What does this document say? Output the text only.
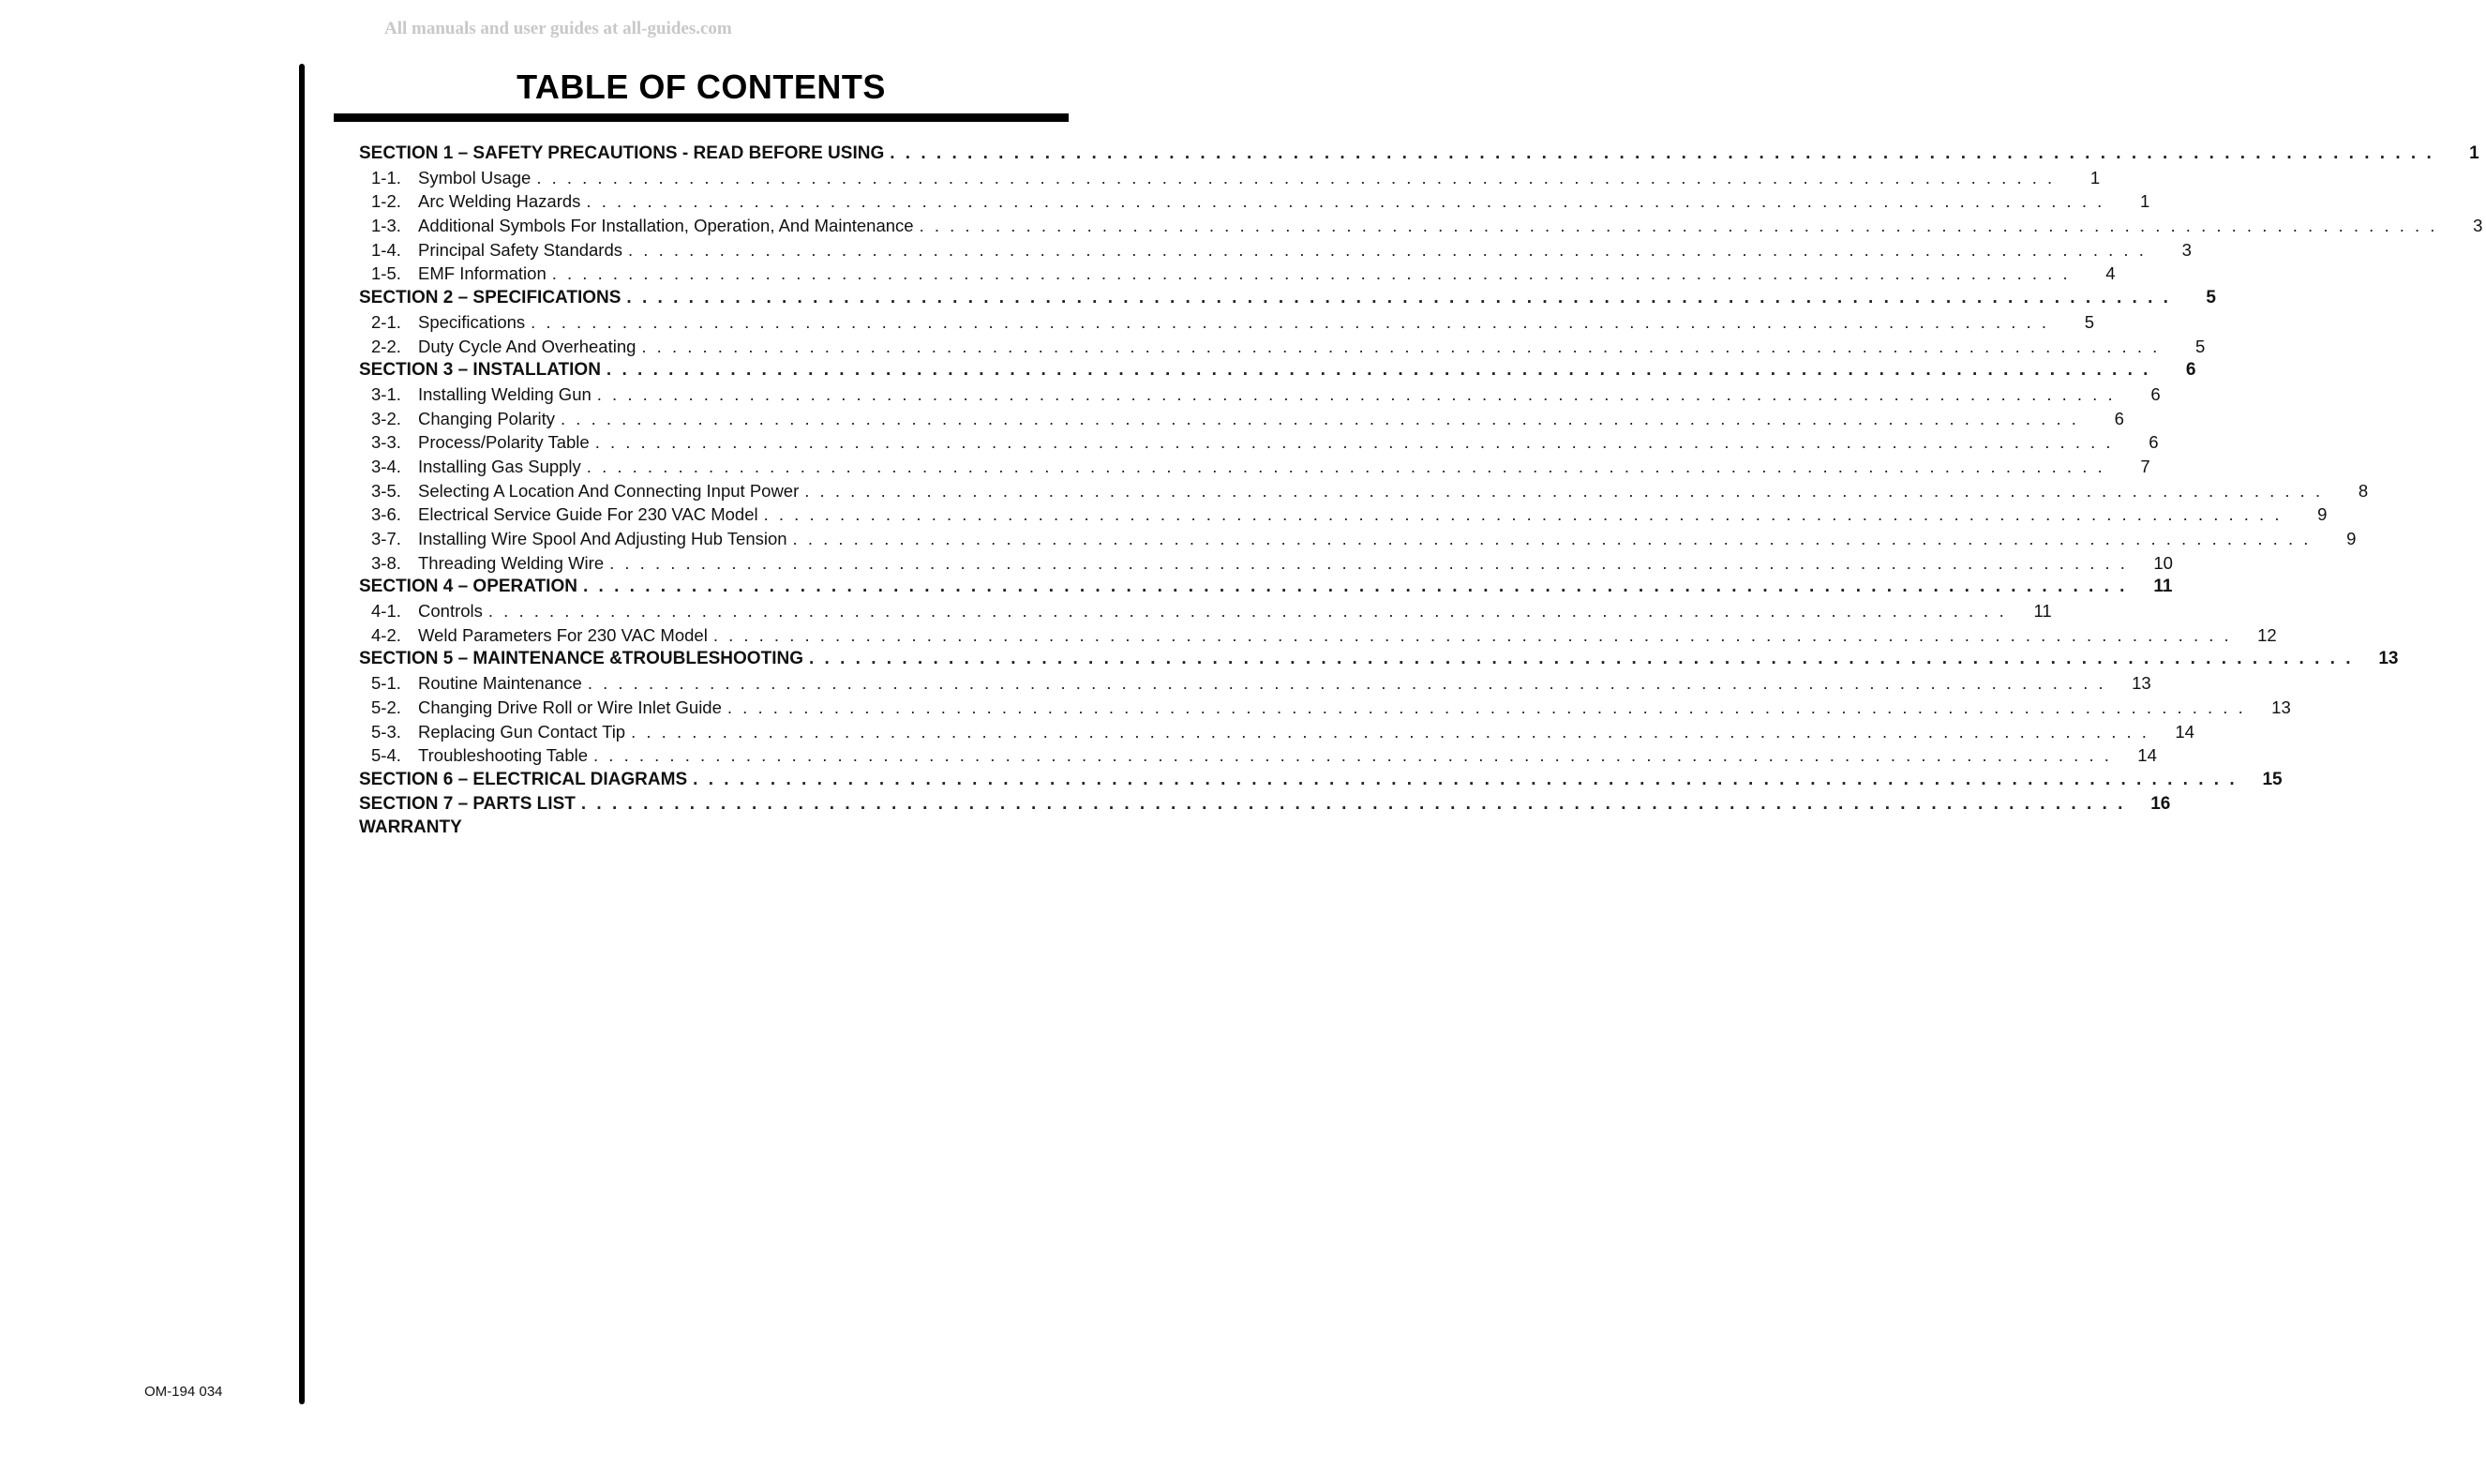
All manuals and user guides at all-guides.com
TABLE OF CONTENTS
SECTION 1 – SAFETY PRECAUTIONS - READ BEFORE USING . . . . . . . . . . . . . . . . . . . . . . . . . . . . . . . . . . . . . . . . . . . . . . . . . . . . . . . . . . . . . . . . . . . . . . . . . . . . . . . . . . . . . . . . . . . . . . . . . . . .	1
1-1. Symbol Usage . . . . . . . . . . . . . . . . . . . . . . . . . . . . . . . . . . . . . . . . . . . . . . . . . . . . . . . . . . . . . . . . . . . . . . . . . . . . . . . . . . . . . . . . . . . . . . . . . . . .	1
1-2. Arc Welding Hazards . . . . . . . . . . . . . . . . . . . . . . . . . . . . . . . . . . . . . . . . . . . . . . . . . . . . . . . . . . . . . . . . . . . . . . . . . . . . . . . . . . . . . . . . . . . . . . . . . . . .	1
1-3. Additional Symbols For Installation, Operation, And Maintenance . . . . . . . . . . . . . . . . . . . . . . . . . . . . . . . . . . . . . . . . . . . . . . . . . . . . . . . . . . . . . . . . . . . . . . . . . . . . . . . . . . . . . . . . . . . . . . . . . . . .	3
1-4. Principal Safety Standards . . . . . . . . . . . . . . . . . . . . . . . . . . . . . . . . . . . . . . . . . . . . . . . . . . . . . . . . . . . . . . . . . . . . . . . . . . . . . . . . . . . . . . . . . . . . . . . . . . . .	3
1-5. EMF Information . . . . . . . . . . . . . . . . . . . . . . . . . . . . . . . . . . . . . . . . . . . . . . . . . . . . . . . . . . . . . . . . . . . . . . . . . . . . . . . . . . . . . . . . . . . . . . . . . . . .	4
SECTION 2 – SPECIFICATIONS . . . . . . . . . . . . . . . . . . . . . . . . . . . . . . . . . . . . . . . . . . . . . . . . . . . . . . . . . . . . . . . . . . . . . . . . . . . . . . . . . . . . . . . . . . . . . . . . . . . .	5
2-1. Specifications . . . . . . . . . . . . . . . . . . . . . . . . . . . . . . . . . . . . . . . . . . . . . . . . . . . . . . . . . . . . . . . . . . . . . . . . . . . . . . . . . . . . . . . . . . . . . . . . . . . .	5
2-2. Duty Cycle And Overheating . . . . . . . . . . . . . . . . . . . . . . . . . . . . . . . . . . . . . . . . . . . . . . . . . . . . . . . . . . . . . . . . . . . . . . . . . . . . . . . . . . . . . . . . . . . . . . . . . . . .	5
SECTION 3 – INSTALLATION . . . . . . . . . . . . . . . . . . . . . . . . . . . . . . . . . . . . . . . . . . . . . . . . . . . . . . . . . . . . . . . . . . . . . . . . . . . . . . . . . . . . . . . . . . . . . . . . . . . .	6
3-1. Installing Welding Gun . . . . . . . . . . . . . . . . . . . . . . . . . . . . . . . . . . . . . . . . . . . . . . . . . . . . . . . . . . . . . . . . . . . . . . . . . . . . . . . . . . . . . . . . . . . . . . . . . . . .	6
3-2. Changing Polarity . . . . . . . . . . . . . . . . . . . . . . . . . . . . . . . . . . . . . . . . . . . . . . . . . . . . . . . . . . . . . . . . . . . . . . . . . . . . . . . . . . . . . . . . . . . . . . . . . . . .	6
3-3. Process/Polarity Table . . . . . . . . . . . . . . . . . . . . . . . . . . . . . . . . . . . . . . . . . . . . . . . . . . . . . . . . . . . . . . . . . . . . . . . . . . . . . . . . . . . . . . . . . . . . . . . . . . . .	6
3-4. Installing Gas Supply . . . . . . . . . . . . . . . . . . . . . . . . . . . . . . . . . . . . . . . . . . . . . . . . . . . . . . . . . . . . . . . . . . . . . . . . . . . . . . . . . . . . . . . . . . . . . . . . . . . .	7
3-5. Selecting A Location And Connecting Input Power . . . . . . . . . . . . . . . . . . . . . . . . . . . . . . . . . . . . . . . . . . . . . . . . . . . . . . . . . . . . . . . . . . . . . . . . . . . . . . . . . . . . . . . . . . . . . . . . . . . .	8
3-6. Electrical Service Guide For 230 VAC Model . . . . . . . . . . . . . . . . . . . . . . . . . . . . . . . . . . . . . . . . . . . . . . . . . . . . . . . . . . . . . . . . . . . . . . . . . . . . . . . . . . . . . . . . . . . . . . . . . . . .	9
3-7. Installing Wire Spool And Adjusting Hub Tension . . . . . . . . . . . . . . . . . . . . . . . . . . . . . . . . . . . . . . . . . . . . . . . . . . . . . . . . . . . . . . . . . . . . . . . . . . . . . . . . . . . . . . . . . . . . . . . . . . . .	9
3-8. Threading Welding Wire . . . . . . . . . . . . . . . . . . . . . . . . . . . . . . . . . . . . . . . . . . . . . . . . . . . . . . . . . . . . . . . . . . . . . . . . . . . . . . . . . . . . . . . . . . . . . . . . . . . .	10
SECTION 4 – OPERATION . . . . . . . . . . . . . . . . . . . . . . . . . . . . . . . . . . . . . . . . . . . . . . . . . . . . . . . . . . . . . . . . . . . . . . . . . . . . . . . . . . . . . . . . . . . . . . . . . . . .	11
4-1. Controls . . . . . . . . . . . . . . . . . . . . . . . . . . . . . . . . . . . . . . . . . . . . . . . . . . . . . . . . . . . . . . . . . . . . . . . . . . . . . . . . . . . . . . . . . . . . . . . . . . . .	11
4-2. Weld Parameters For 230 VAC Model . . . . . . . . . . . . . . . . . . . . . . . . . . . . . . . . . . . . . . . . . . . . . . . . . . . . . . . . . . . . . . . . . . . . . . . . . . . . . . . . . . . . . . . . . . . . . . . . . . . .	12
SECTION 5 – MAINTENANCE &TROUBLESHOOTING . . . . . . . . . . . . . . . . . . . . . . . . . . . . . . . . . . . . . . . . . . . . . . . . . . . . . . . . . . . . . . . . . . . . . . . . . . . . . . . . . . . . . . . . . . . . . . . . . . . .	13
5-1. Routine Maintenance . . . . . . . . . . . . . . . . . . . . . . . . . . . . . . . . . . . . . . . . . . . . . . . . . . . . . . . . . . . . . . . . . . . . . . . . . . . . . . . . . . . . . . . . . . . . . . . . . . . .	13
5-2. Changing Drive Roll or Wire Inlet Guide . . . . . . . . . . . . . . . . . . . . . . . . . . . . . . . . . . . . . . . . . . . . . . . . . . . . . . . . . . . . . . . . . . . . . . . . . . . . . . . . . . . . . . . . . . . . . . . . . . . .	13
5-3. Replacing Gun Contact Tip . . . . . . . . . . . . . . . . . . . . . . . . . . . . . . . . . . . . . . . . . . . . . . . . . . . . . . . . . . . . . . . . . . . . . . . . . . . . . . . . . . . . . . . . . . . . . . . . . . . .	14
5-4. Troubleshooting Table . . . . . . . . . . . . . . . . . . . . . . . . . . . . . . . . . . . . . . . . . . . . . . . . . . . . . . . . . . . . . . . . . . . . . . . . . . . . . . . . . . . . . . . . . . . . . . . . . . . .	14
SECTION 6 – ELECTRICAL DIAGRAMS . . . . . . . . . . . . . . . . . . . . . . . . . . . . . . . . . . . . . . . . . . . . . . . . . . . . . . . . . . . . . . . . . . . . . . . . . . . . . . . . . . . . . . . . . . . . . . . . . . . .	15
SECTION 7 – PARTS LIST . . . . . . . . . . . . . . . . . . . . . . . . . . . . . . . . . . . . . . . . . . . . . . . . . . . . . . . . . . . . . . . . . . . . . . . . . . . . . . . . . . . . . . . . . . . . . . . . . . . .	16
WARRANTY
OM-194 034
